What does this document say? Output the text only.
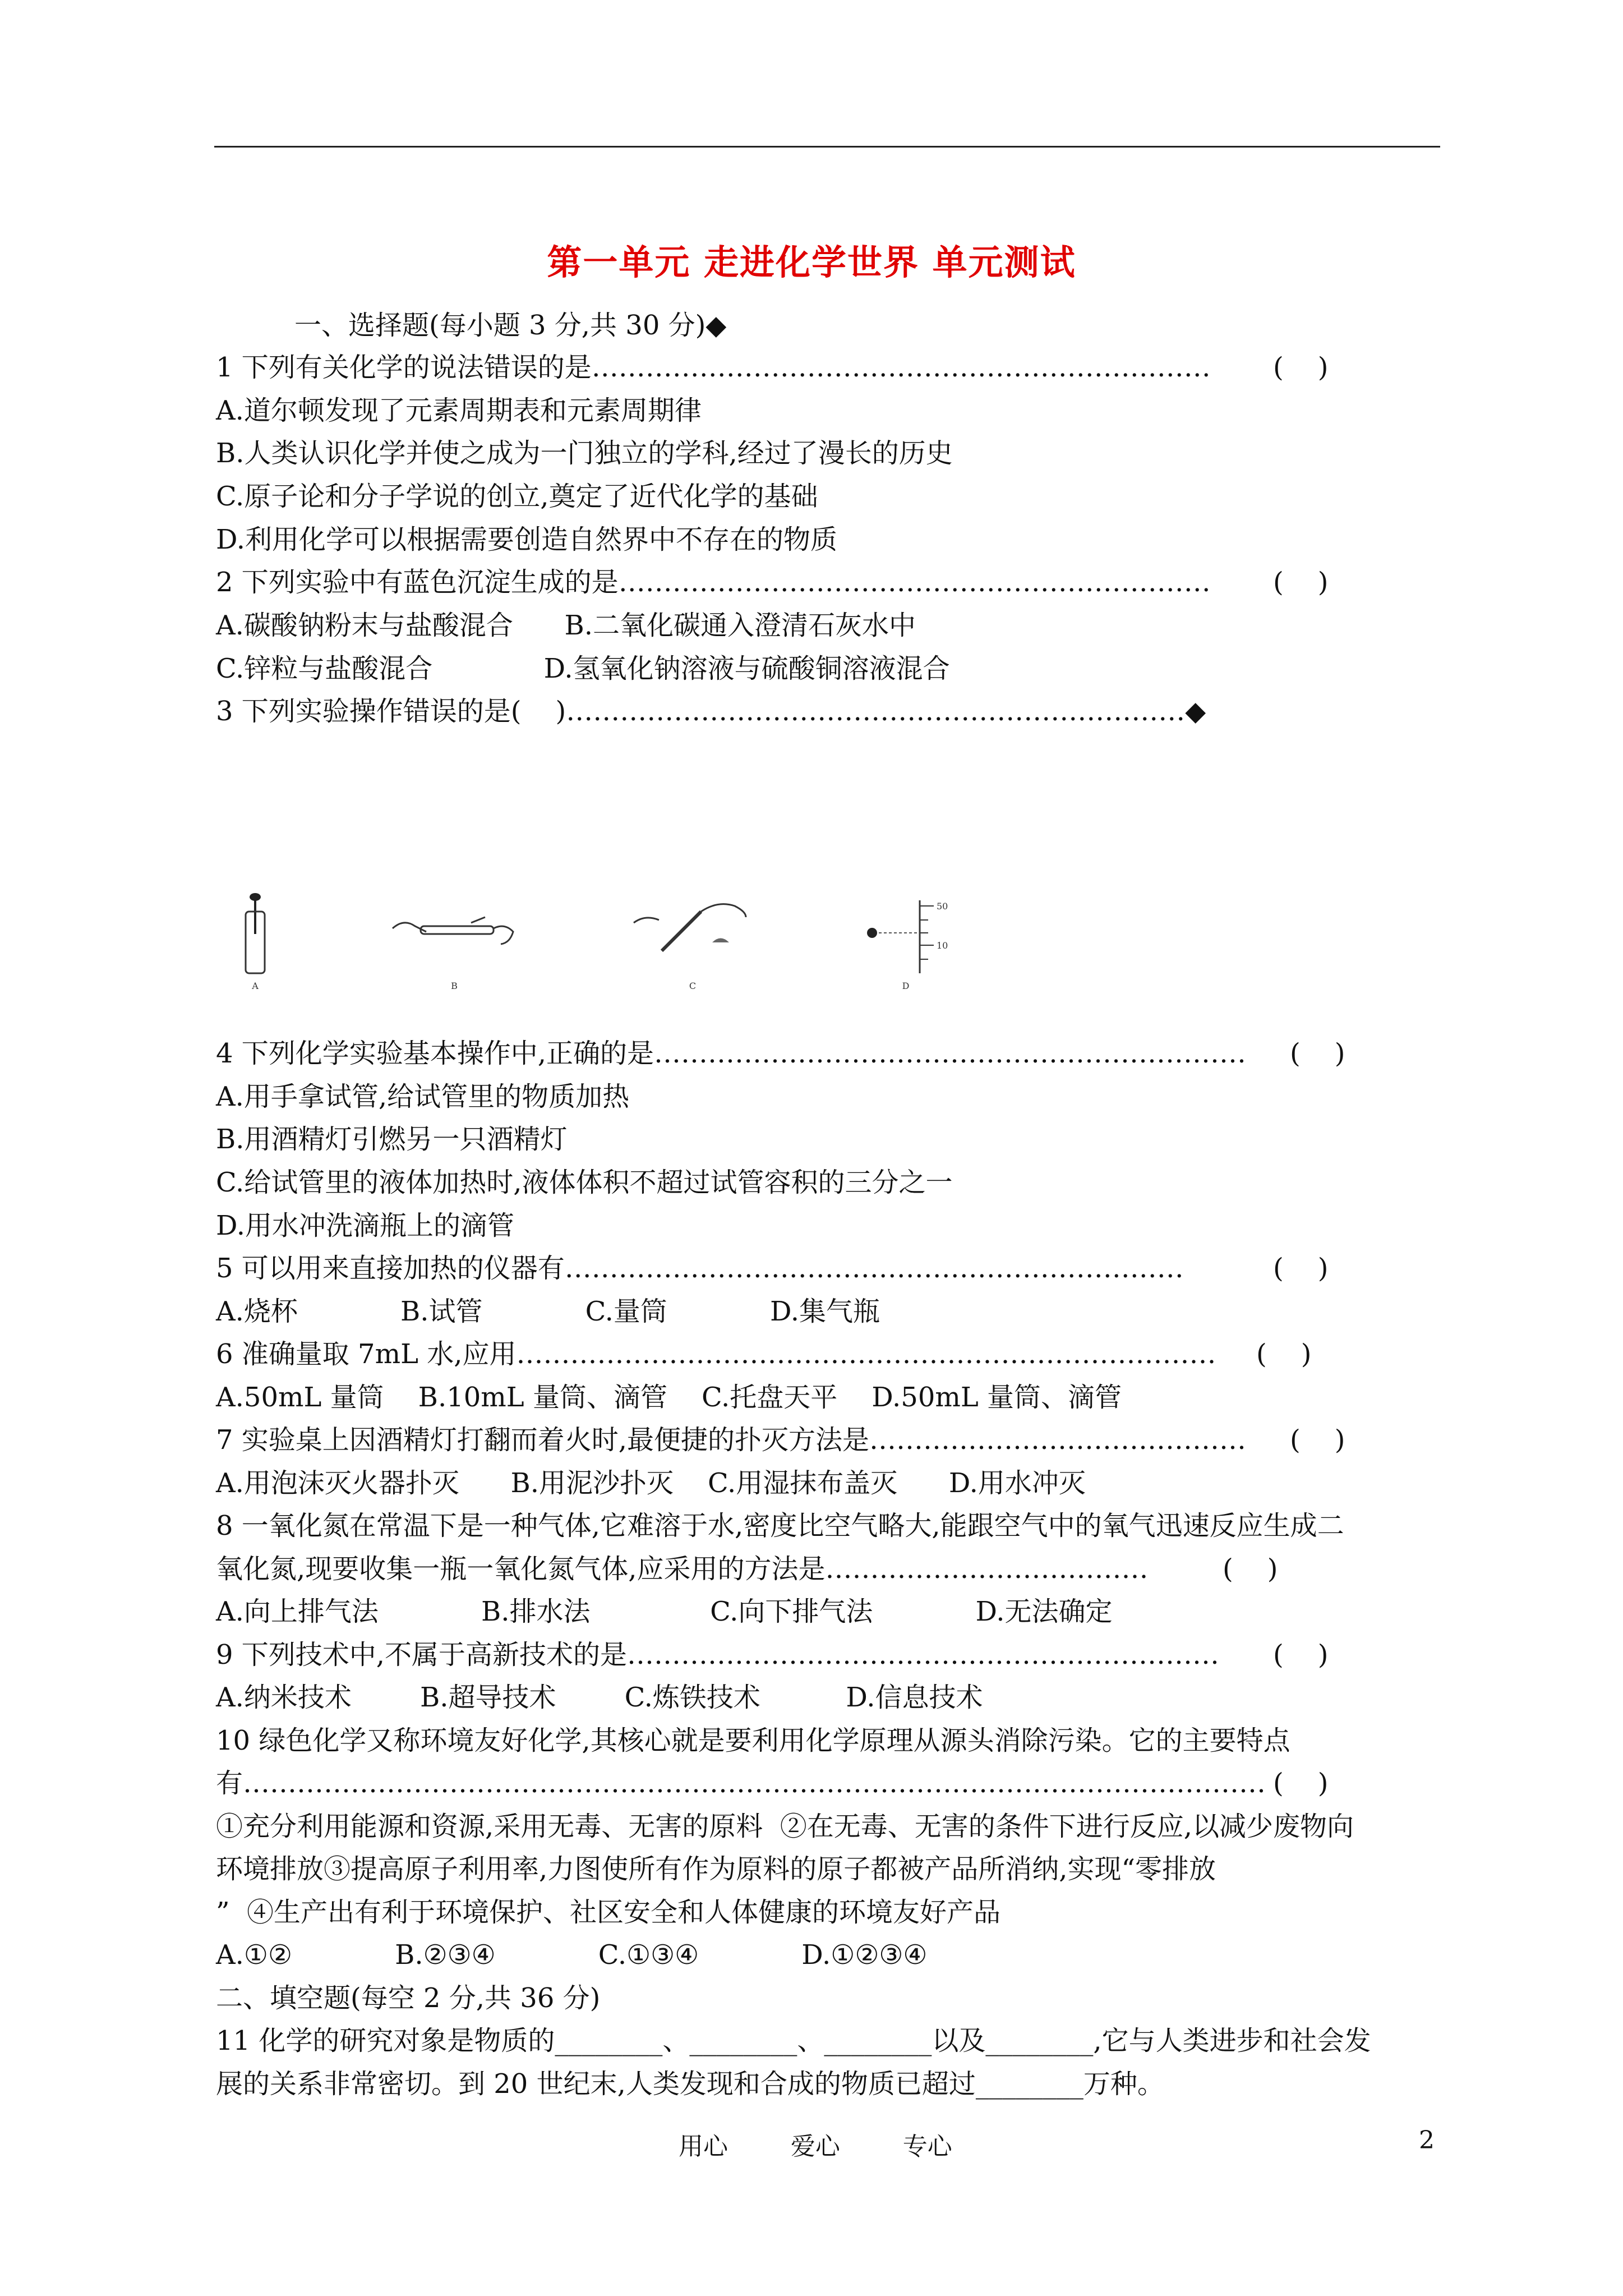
第一单元 走进化学世界 单元测试
一、选择题(每小题 3 分,共 30 分)◆
1 下列有关化学的说法错误的是…………………………………………………………… (    )
A.道尔顿发现了元素周期表和元素周期律
B.人类认识化学并使之成为一门独立的学科,经过了漫长的历史
C.原子论和分子学说的创立,奠定了近代化学的基础
D.利用化学可以根据需要创造自然界中不存在的物质
2 下列实验中有蓝色沉淀生成的是………………………………………………………… (    )
A.碳酸钠粉末与盐酸混合      B.二氧化碳通入澄清石灰水中
C.锌粒与盐酸混合             D.氢氧化钠溶液与硫酸铜溶液混合
3 下列实验操作错误的是(    )……………………………………………………………◆
A	B	C
50
10
D
4 下列化学实验基本操作中,正确的是………………………………………………………… (    )
A.用手拿试管,给试管里的物质加热
B.用酒精灯引燃另一只酒精灯
C.给试管里的液体加热时,液体体积不超过试管容积的三分之一
D.用水冲洗滴瓶上的滴管
5 可以用来直接加热的仪器有……………………………………………………………	(    )
A.烧杯            B.试管            C.量筒            D.集气瓶
6 准确量取 7mL 水,应用…………………………………………………………………… (    )
A.50mL 量筒    B.10mL 量筒、滴管    C.托盘天平    D.50mL 量筒、滴管
7 实验桌上因酒精灯打翻而着火时,最便捷的扑灭方法是…………………………………… (    )
A.用泡沫灭火器扑灭      B.用泥沙扑灭    C.用湿抹布盖灭      D.用水冲灭
8 一氧化氮在常温下是一种气体,它难溶于水,密度比空气略大,能跟空气中的氧气迅速反应生成二
氧化氮,现要收集一瓶一氧化氮气体,应采用的方法是………………………………	(    )
A.向上排气法            B.排水法              C.向下排气法            D.无法确定
9 下列技术中,不属于高新技术的是………………………………………………………… (    )
A.纳米技术        B.超导技术        C.炼铁技术          D.信息技术
10 绿色化学又称环境友好化学,其核心就是要利用化学原理从源头消除污染。它的主要特点
有…………………………………………………………………………………………………… (    )
①充分利用能源和资源,采用无毒、无害的原料  ②在无毒、无害的条件下进行反应,以减少废物向
环境排放③提高原子利用率,力图使所有作为原料的原子都被产品所消纳,实现“零排放
”  ④生产出有利于环境保护、社区安全和人体健康的环境友好产品
A.①②            B.②③④            C.①③④            D.①②③④
二、填空题(每空 2 分,共 36 分)
11 化学的研究对象是物质的________、________、________以及________,它与人类进步和社会发
展的关系非常密切。到 20 世纪末,人类发现和合成的物质已超过________万种。
用心        爱心        专心	2
